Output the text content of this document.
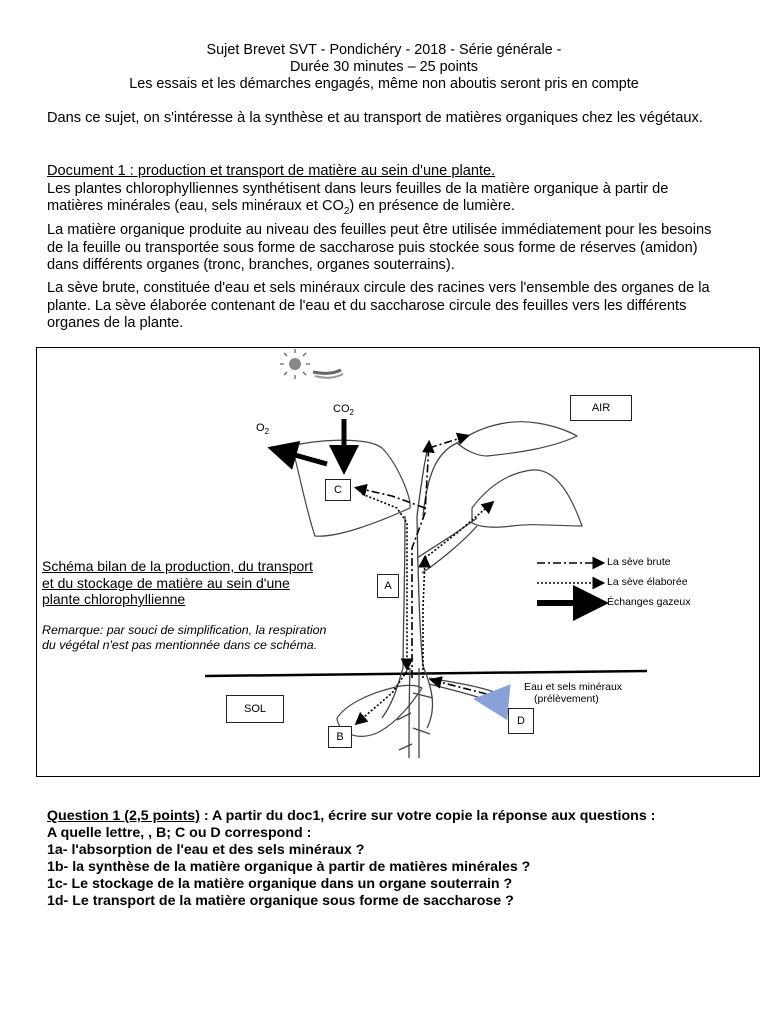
Sujet Brevet SVT - Pondichéry - 2018 - Série générale -
Durée 30 minutes – 25 points
Les essais et les démarches engagés, même non aboutis seront pris en compte
Dans ce sujet, on s'intéresse à la synthèse et au transport de matières organiques chez les végétaux.
Document 1 : production et transport de matière au sein d'une plante.
Les plantes chlorophylliennes synthétisent dans leurs feuilles de la matière organique à partir de matières minérales (eau, sels minéraux et $CO_2$) en présence de lumière.
La matière organique produite au niveau des feuilles peut être utilisée immédiatement pour les besoins de la feuille ou transportée sous forme de saccharose puis stockée sous forme de réserves (amidon) dans différents organes (tronc, branches, organes souterrains).
La sève brute, constituée d'eau et sels minéraux circule des racines vers l'ensemble des organes de la plante. La sève élaborée contenant de l'eau et du saccharose circule des feuilles vers les différents organes de la plante.
$O_2$
$CO_2$	AIR
SOL
C
A
B
D
Eau et sels minéraux
(prélèvement)
La sève brute
La sève élaborée
Échanges gazeux
Schéma bilan de la production, du transport et du stockage de matière au sein d'une plante chlorophyllienne
Remarque: par souci de simplification, la respiration du végétal n'est pas mentionnée dans ce schéma.
Question 1 (2,5 points) : A partir du doc1, écrire sur votre copie la réponse aux questions :
A quelle lettre, , B; C ou D correspond :
1a- l'absorption de l'eau et des sels minéraux ?
1b- la synthèse de la matière organique à partir de matières minérales ?
1c- Le stockage de la matière organique dans un organe souterrain ?
1d- Le transport de la matière organique sous forme de saccharose ?
